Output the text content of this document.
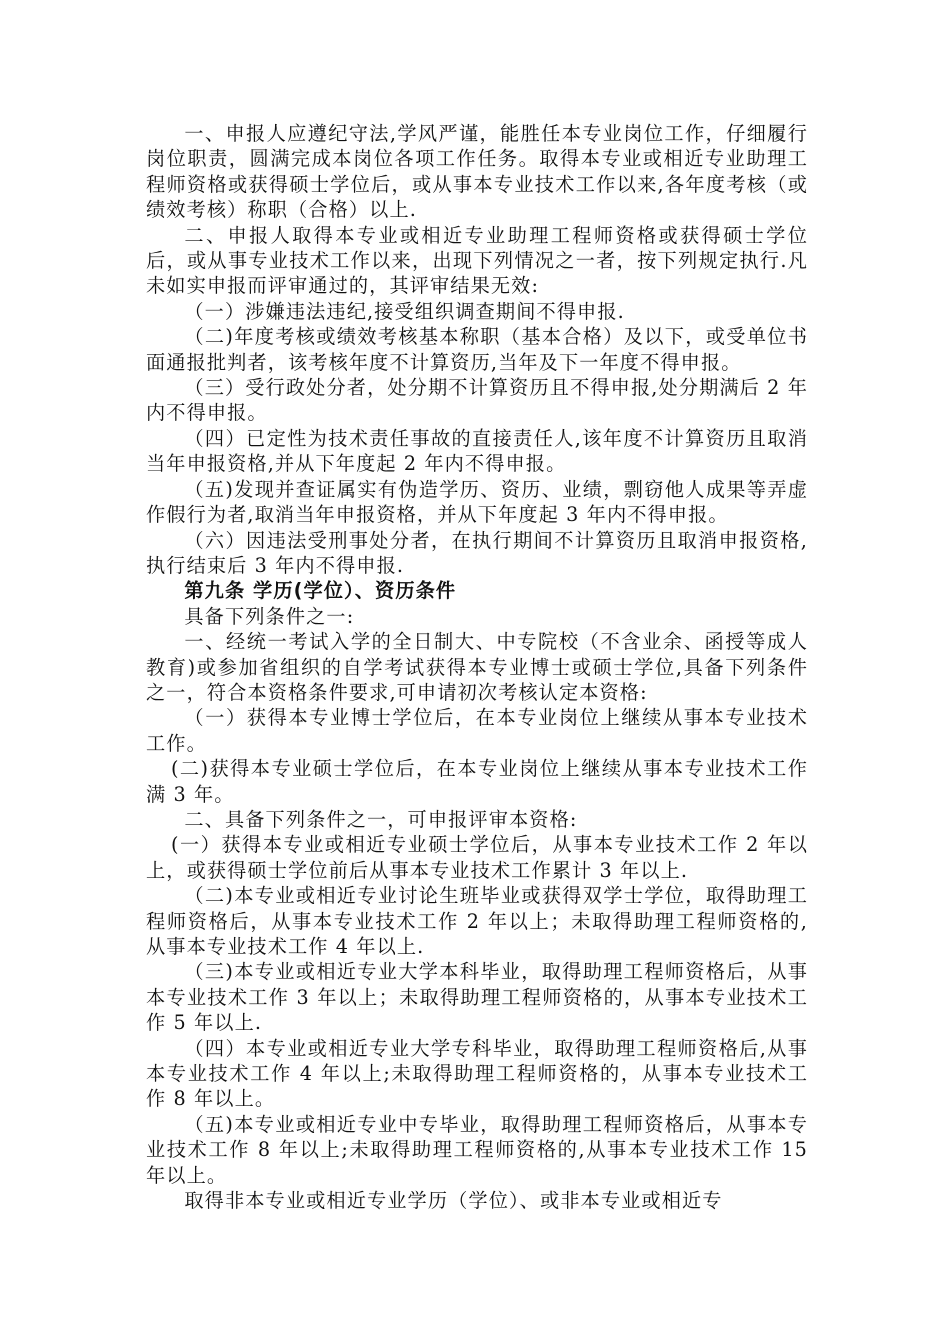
一、申报人应遵纪守法,学风严谨，能胜任本专业岗位工作，仔细履行岗位职责，圆满完成本岗位各项工作任务。取得本专业或相近专业助理工程师资格或获得硕士学位后，或从事本专业技术工作以来,各年度考核（或绩效考核）称职（合格）以上.

二、申报人取得本专业或相近专业助理工程师资格或获得硕士学位后，或从事专业技术工作以来，出现下列情况之一者，按下列规定执行.凡未如实申报而评审通过的，其评审结果无效:

（一）涉嫌违法违纪,接受组织调查期间不得申报.

（二)年度考核或绩效考核基本称职（基本合格）及以下，或受单位书面通报批判者，该考核年度不计算资历,当年及下一年度不得申报。

（三）受行政处分者，处分期不计算资历且不得申报,处分期满后 2 年内不得申报。

（四）已定性为技术责任事故的直接责任人,该年度不计算资历且取消当年申报资格,并从下年度起 2 年内不得申报。

（五)发现并查证属实有伪造学历、资历、业绩，剽窃他人成果等弄虚作假行为者,取消当年申报资格，并从下年度起 3 年内不得申报。

（六）因违法受刑事处分者，在执行期间不计算资历且取消申报资格,执行结束后 3 年内不得申报.

第九条 学历(学位）、资历条件

具备下列条件之一:

一、经统一考试入学的全日制大、中专院校（不含业余、函授等成人教育)或参加省组织的自学考试获得本专业博士或硕士学位,具备下列条件之一，符合本资格条件要求,可申请初次考核认定本资格:

（一）获得本专业博士学位后，在本专业岗位上继续从事本专业技术工作。

(二)获得本专业硕士学位后，在本专业岗位上继续从事本专业技术工作满 3 年。

二、具备下列条件之一，可申报评审本资格:

(一）获得本专业或相近专业硕士学位后，从事本专业技术工作 2 年以上，或获得硕士学位前后从事本专业技术工作累计 3 年以上.

（二)本专业或相近专业讨论生班毕业或获得双学士学位，取得助理工程师资格后，从事本专业技术工作 2 年以上；未取得助理工程师资格的,从事本专业技术工作 4 年以上.

（三)本专业或相近专业大学本科毕业，取得助理工程师资格后，从事本专业技术工作 3 年以上；未取得助理工程师资格的，从事本专业技术工作 5 年以上.

（四）本专业或相近专业大学专科毕业，取得助理工程师资格后,从事本专业技术工作 4 年以上;未取得助理工程师资格的，从事本专业技术工作 8 年以上。

（五)本专业或相近专业中专毕业，取得助理工程师资格后，从事本专业技术工作 8 年以上;未取得助理工程师资格的,从事本专业技术工作 15 年以上。

取得非本专业或相近专业学历（学位）、或非本专业或相近专
